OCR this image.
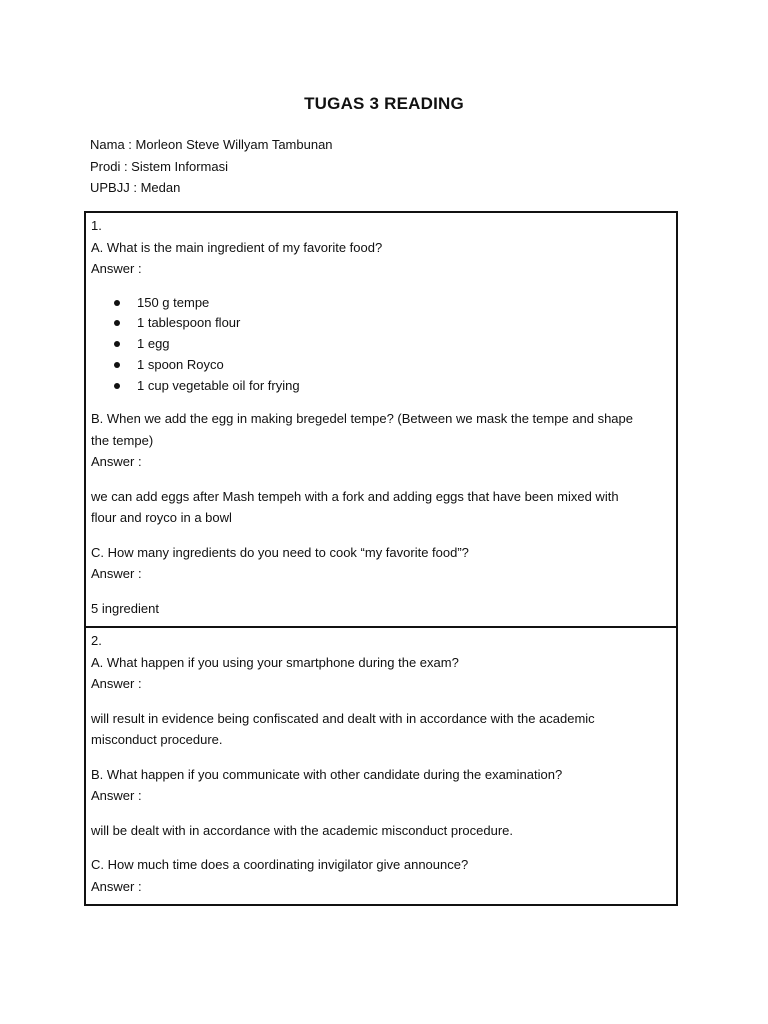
TUGAS 3 READING
Nama : Morleon Steve Willyam Tambunan
Prodi : Sistem Informasi
UPBJJ : Medan
1.
A. What is the main ingredient of my favorite food?
Answer :
150 g tempe
1 tablespoon flour
1 egg
1 spoon Royco
1 cup vegetable oil for frying
B. When we add the egg in making bregedel tempe? (Between we mask the tempe and shape
the tempe)
Answer :
we can add eggs after Mash tempeh with a fork and adding eggs that have been mixed with
flour and royco in a bowl
C. How many ingredients do you need to cook “my favorite food”?
Answer :
5 ingredient
2.
A. What happen if you using your smartphone during the exam?
Answer :
will result in evidence being confiscated and dealt with in accordance with the academic
misconduct procedure.
B. What happen if you communicate with other candidate during the examination?
Answer :
will be dealt with in accordance with the academic misconduct procedure.
C. How much time does a coordinating invigilator give announce?
Answer :
